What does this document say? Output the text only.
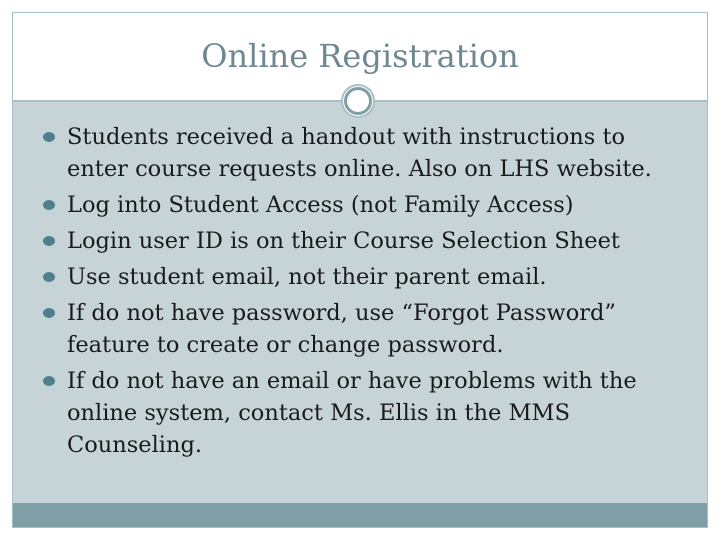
Online Registration
Students received a handout with instructions to enter course requests online. Also on LHS website.
Log into Student Access (not Family Access)
Login user ID is on their Course Selection Sheet
Use student email, not their parent email.
If do not have password, use “Forgot Password” feature to create or change password.
If do not have an email or have problems with the online system, contact Ms. Ellis in the MMS Counseling.
